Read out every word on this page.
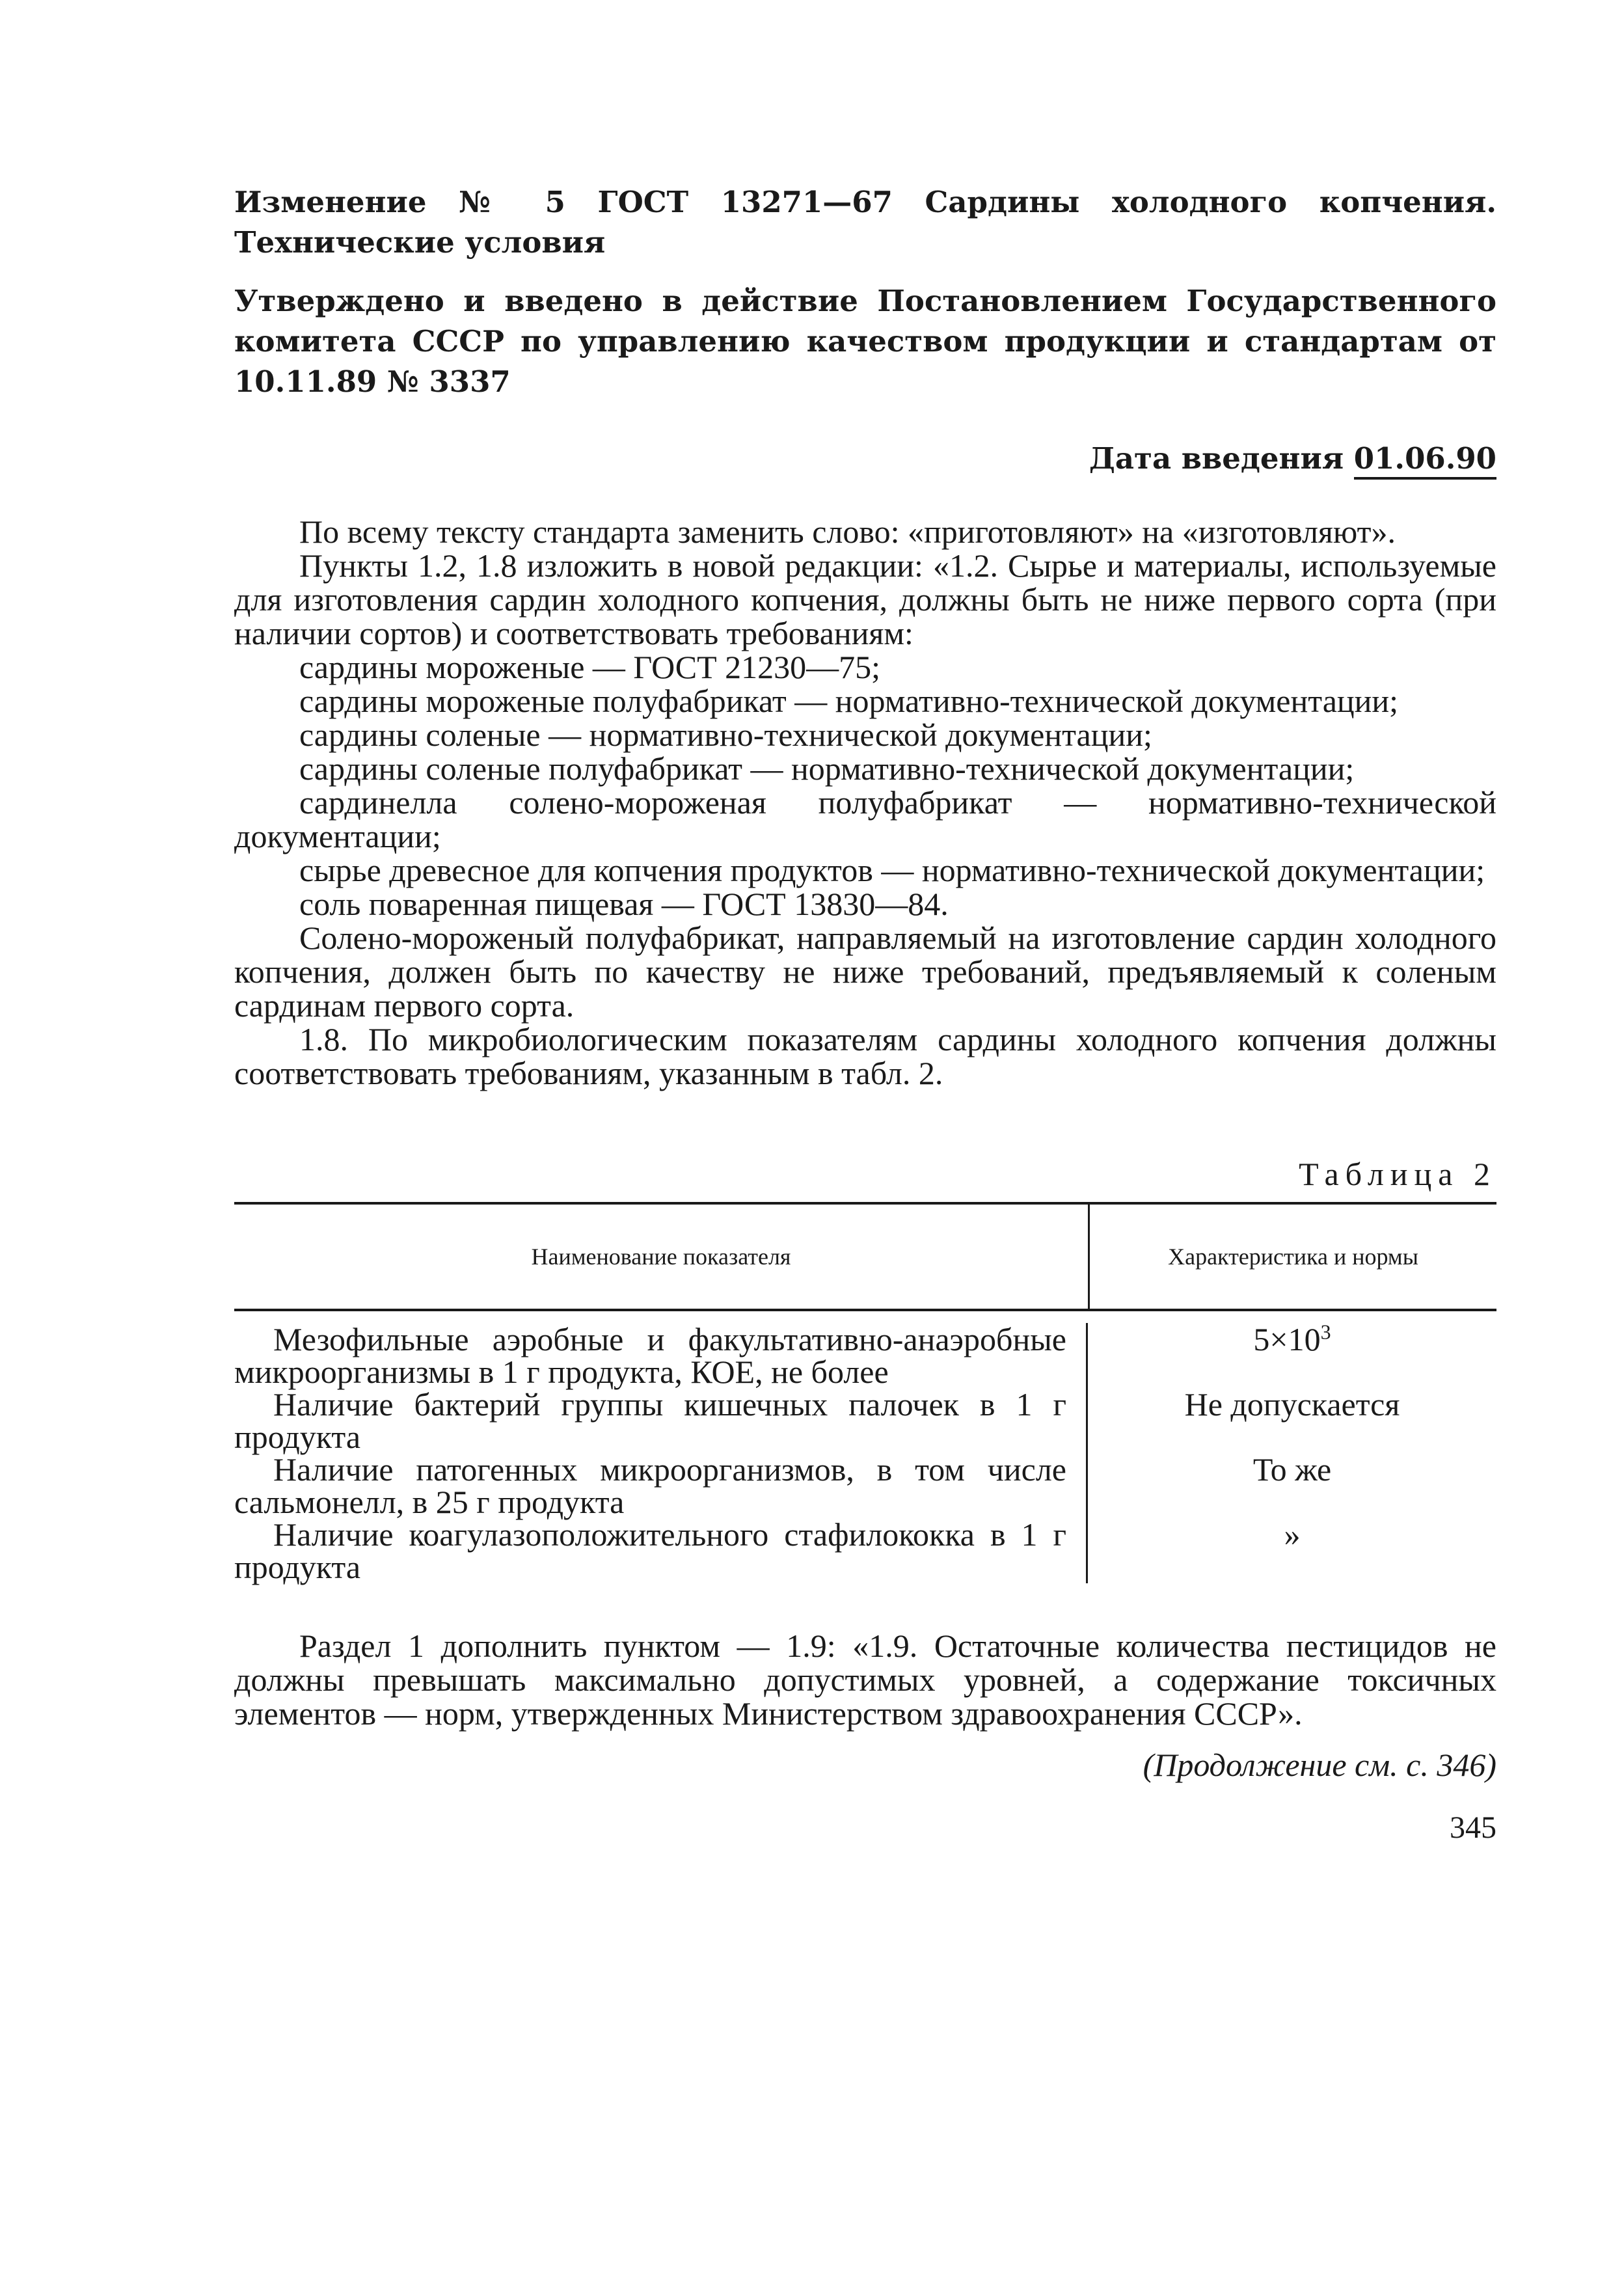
Изменение № 5 ГОСТ 13271—67 Сардины холодного копчения. Технические условия

Утверждено и введено в действие Постановлением Государственного комитета СССР по управлению качеством продукции и стандартам от 10.11.89 № 3337

Дата введения 01.06.90

По всему тексту стандарта заменить слово: «приготовляют» на «изготовляют».

Пункты 1.2, 1.8 изложить в новой редакции: «1.2. Сырье и материалы, используемые для изготовления сардин холодного копчения, должны быть не ниже первого сорта (при наличии сортов) и соответствовать требованиям:

сардины мороженые — ГОСТ 21230—75;

сардины мороженые полуфабрикат — нормативно-технической документации;

сардины соленые — нормативно-технической документации;

сардины соленые полуфабрикат — нормативно-технической документации;

сардинелла солено-мороженая полуфабрикат — нормативно-технической документации;

сырье древесное для копчения продуктов — нормативно-технической документации;

соль поваренная пищевая — ГОСТ 13830—84.

Солено-мороженый полуфабрикат, направляемый на изготовление сардин холодного копчения, должен быть по качеству не ниже требований, предъявляемый к соленым сардинам первого сорта.

1.8. По микробиологическим показателям сардины холодного копчения должны соответствовать требованиям, указанным в табл. 2.

Таблица 2
Наименование показателя	Характеристика и нормы
Мезофильные аэробные и факультативно-анаэробные микроорганизмы в 1 г продукта, КОЕ, не более
$5\times 10^3$
Наличие бактерий группы кишечных палочек в 1 г продукта
Не допускается
Наличие патогенных микроорганизмов, в том числе сальмонелл, в 25 г продукта
То же
Наличие коагулазоположительного стафилококка в 1 г продукта
»

Раздел 1 дополнить пунктом — 1.9: «1.9. Остаточные количества пестицидов не должны превышать максимально допустимых уровней, а содержание токсичных элементов — норм, утвержденных Министерством здравоохранения СССР».

(Продолжение см. с. 346)
345
